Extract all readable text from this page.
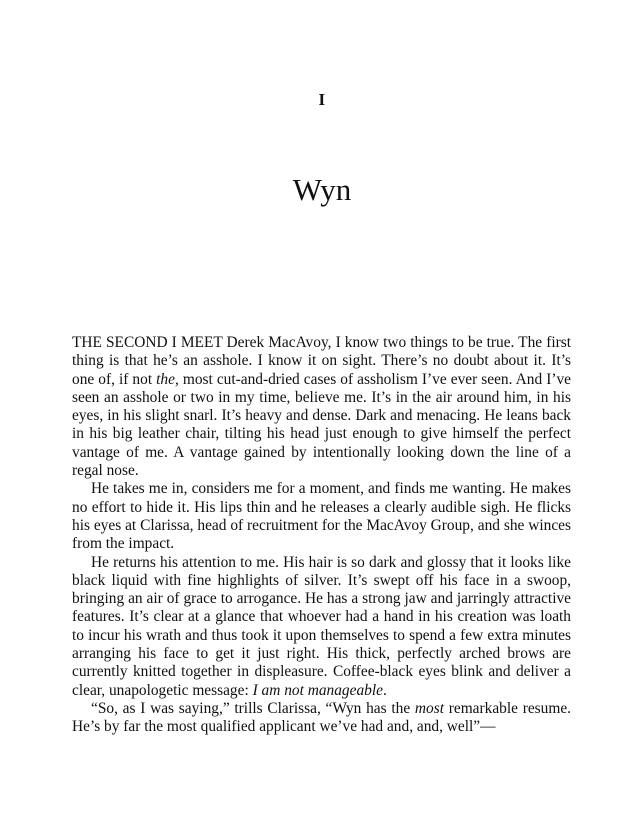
I
Wyn

THE SECOND I MEET Derek MacAvoy, I know two things to be true. The first thing is that he’s an asshole. I know it on sight. There’s no doubt about it. It’s one of, if not the, most cut-and-dried cases of assholism I’ve ever seen. And I’ve seen an asshole or two in my time, believe me. It’s in the air around him, in his eyes, in his slight snarl. It’s heavy and dense. Dark and menacing. He leans back in his big leather chair, tilting his head just enough to give himself the perfect vantage of me. A vantage gained by intentionally looking down the line of a regal nose.

He takes me in, considers me for a moment, and finds me wanting. He makes no effort to hide it. His lips thin and he releases a clearly audible sigh. He flicks his eyes at Clarissa, head of recruitment for the MacAvoy Group, and she winces from the impact.

He returns his attention to me. His hair is so dark and glossy that it looks like black liquid with fine highlights of silver. It’s swept off his face in a swoop, bringing an air of grace to arrogance. He has a strong jaw and jarringly attractive features. It’s clear at a glance that whoever had a hand in his creation was loath to incur his wrath and thus took it upon themselves to spend a few extra minutes arranging his face to get it just right. His thick, perfectly arched brows are currently knitted together in displeasure. Coffee-black eyes blink and deliver a clear, unapologetic message: I am not manageable.

“So, as I was saying,” trills Clarissa, “Wyn has the most remarkable resume. He’s by far the most qualified applicant we’ve had and, and, well”—
